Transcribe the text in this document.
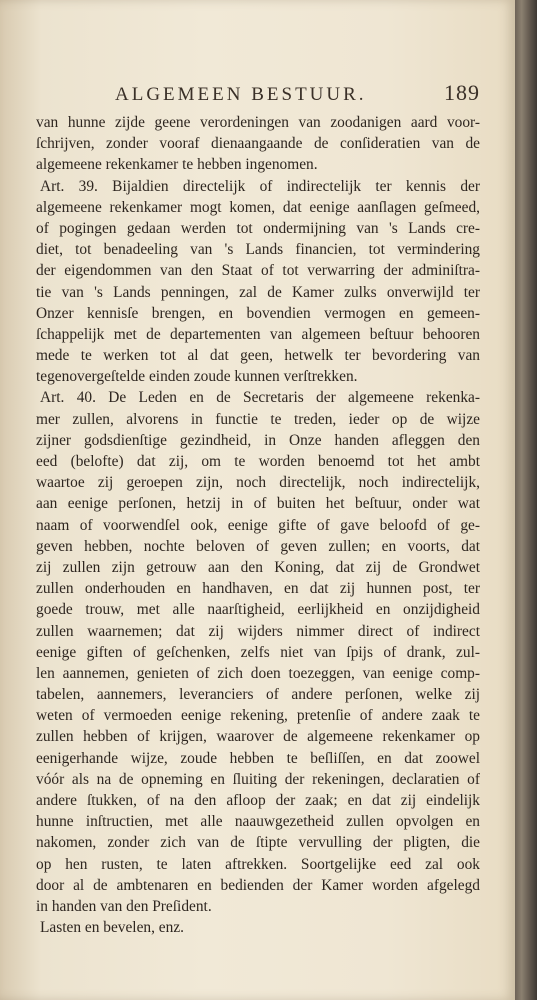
ALGEMEEN BESTUUR.	189
van hunne zijde geene verordeningen van zoodanigen aard voor-
ſchrijven, zonder vooraf dienaangaande de conſideratien van de
algemeene rekenkamer te hebben ingenomen.
Art. 39. Bijaldien directelijk of indirectelijk ter kennis der
algemeene rekenkamer mogt komen, dat eenige aanſlagen geſmeed,
of pogingen gedaan werden tot ondermijning van 's Lands cre-
diet, tot benadeeling van 's Lands financien, tot vermindering
der eigendommen van den Staat of tot verwarring der adminiſtra-
tie van 's Lands penningen, zal de Kamer zulks onverwijld ter
Onzer kennisſe brengen, en bovendien vermogen en gemeen-
ſchappelijk met de departementen van algemeen beſtuur behooren
mede te werken tot al dat geen, hetwelk ter bevordering van
tegenovergeſtelde einden zoude kunnen verſtrekken.
Art. 40. De Leden en de Secretaris der algemeene rekenka-
mer zullen, alvorens in functie te treden, ieder op de wijze
zijner godsdienſtige gezindheid, in Onze handen afleggen den
eed (belofte) dat zij, om te worden benoemd tot het ambt
waartoe zij geroepen zijn, noch directelijk, noch indirectelijk,
aan eenige perſonen, hetzij in of buiten het beſtuur, onder wat
naam of voorwendſel ook, eenige gifte of gave beloofd of ge-
geven hebben, nochte beloven of geven zullen; en voorts, dat
zij zullen zijn getrouw aan den Koning, dat zij de Grondwet
zullen onderhouden en handhaven, en dat zij hunnen post, ter
goede trouw, met alle naarſtigheid, eerlijkheid en onzijdigheid
zullen waarnemen; dat zij wijders nimmer direct of indirect
eenige giften of geſchenken, zelfs niet van ſpijs of drank, zul-
len aannemen, genieten of zich doen toezeggen, van eenige comp-
tabelen, aannemers, leveranciers of andere perſonen, welke zij
weten of vermoeden eenige rekening, pretenſie of andere zaak te
zullen hebben of krijgen, waarover de algemeene rekenkamer op
eenigerhande wijze, zoude hebben te beſliſſen, en dat zoowel
vóór als na de opneming en ſluiting der rekeningen, declaratien of
andere ſtukken, of na den afloop der zaak; en dat zij eindelijk
hunne inſtructien, met alle naauwgezetheid zullen opvolgen en
nakomen, zonder zich van de ſtipte vervulling der pligten, die
op hen rusten, te laten aftrekken. Soortgelijke eed zal ook
door al de ambtenaren en bedienden der Kamer worden afgelegd
in handen van den Preſident.
Lasten en bevelen, enz.
